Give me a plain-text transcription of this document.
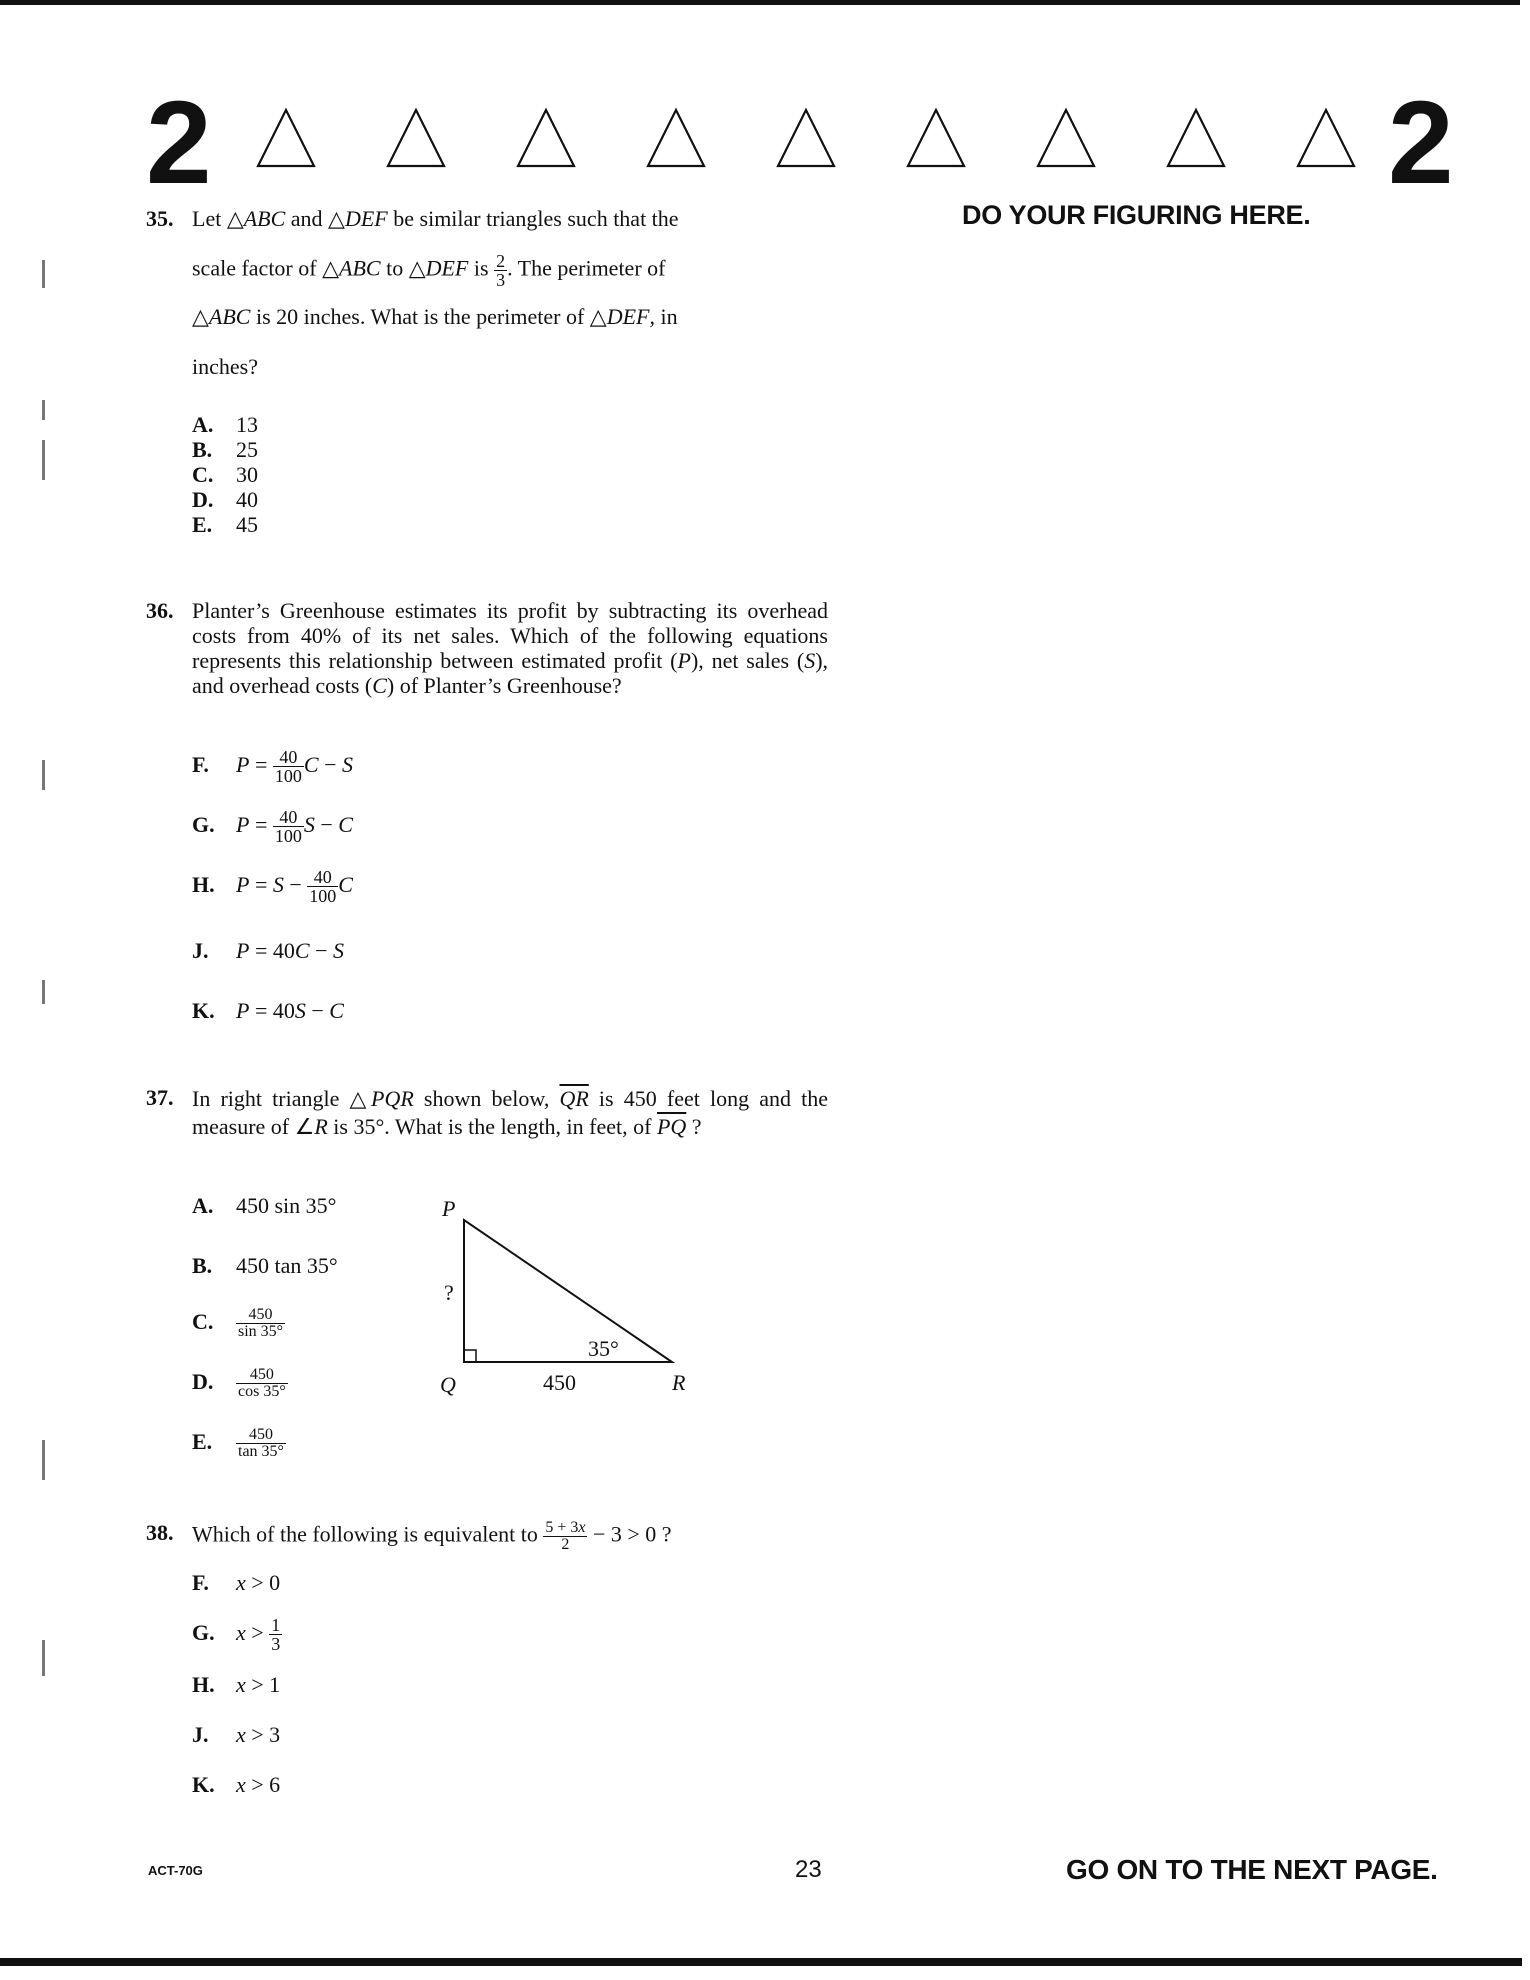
2	2
DO YOUR FIGURING HERE.
35. Let △ABC and △DEF be similar triangles such that the
scale factor of △ABC to △DEF is $\frac{2}{3}$ . The perimeter of
△ABC is 20 inches. What is the perimeter of △DEF, in
inches?
A. 13
B. 25
C. 30
D. 40
E. 45
36. Planter’s Greenhouse estimates its profit by subtracting its overhead costs from 40% of its net sales. Which of the following equations represents this relationship between estimated profit (P), net sales (S), and overhead costs (C) of Planter’s Greenhouse?
F. $P = \frac{40}{100}$ C − S
G. $P = \frac{40}{100}$ S − C
H. $P = S - \frac{40}{100}$ C
J. P = 40C − S
K. P = 40S − C
37. In right triangle △PQR shown below, $\overline{QR}$ is 450 feet long and the measure of ∠R is 35°. What is the length, in feet, of $\overline{PQ}$ ?
A. 450 sin 35°
B. 450 tan 35°
C. $\frac{450}{\sin 35^\circ}$
D. $\frac{450}{\cos 35^\circ}$
E. $\frac{450}{\tan 35^\circ}$
P
?
35°
Q	450	R
38. Which of the following is equivalent to $\frac{5 + 3x}{2} - 3 > 0$ ?
F. x > 0
G. $x > \frac{1}{3}$
H. x > 1
J. x > 3
K. x > 6
ACT-70G	23	GO ON TO THE NEXT PAGE.
